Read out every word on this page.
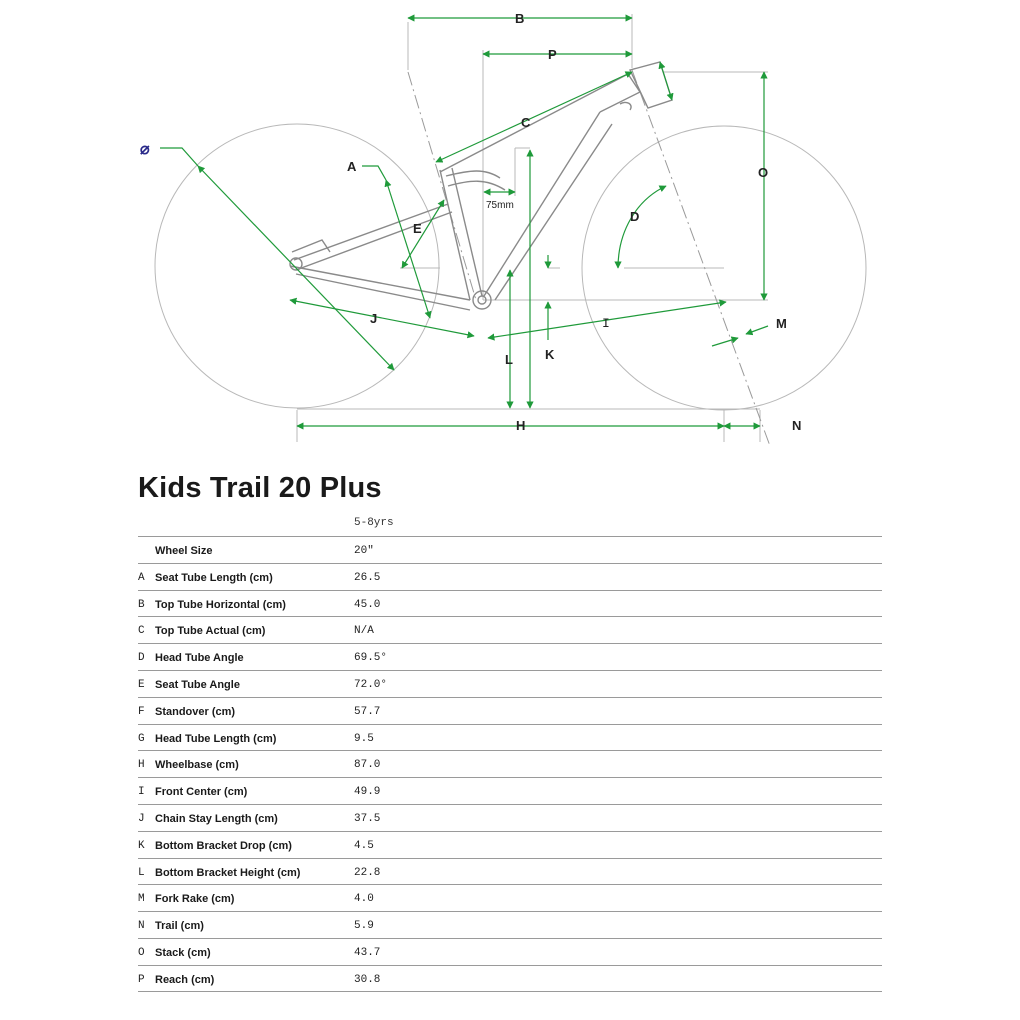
B
P
C
A
E
J
L K
I
D
O
M
N
H
⌀
75mm
Kids Trail 20 Plus
5-8yrs
Wheel Size	20"
A Seat Tube Length (cm)	26.5
B Top Tube Horizontal (cm)	45.0
C Top Tube Actual (cm)	N/A
D Head Tube Angle	69.5°
E Seat Tube Angle	72.0°
F Standover (cm)	57.7
G Head Tube Length (cm)	9.5
H Wheelbase (cm)	87.0
I Front Center (cm)	49.9
J Chain Stay Length (cm)	37.5
K Bottom Bracket Drop (cm)	4.5
L Bottom Bracket Height (cm)	22.8
M Fork Rake (cm)	4.0
N Trail (cm)	5.9
O Stack (cm)	43.7
P Reach (cm)	30.8
